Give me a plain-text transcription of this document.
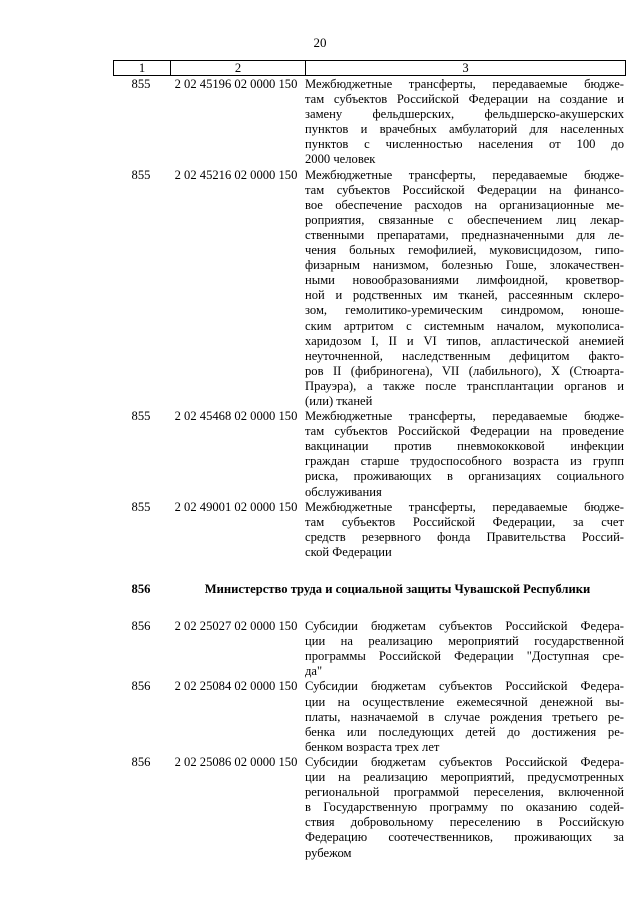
20
1	2	3
855	2 02 45196 02 0000 150 Межбюджетные трансферты, передаваемые бюдже-
там субъектов Российской Федерации на создание и
замену фельдшерских, фельдшерско-акушерских
пунктов и врачебных амбулаторий для населенных
пунктов с численностью населения от 100 до
2000 человек
855	2 02 45216 02 0000 150 Межбюджетные трансферты, передаваемые бюдже-
там субъектов Российской Федерации на финансо-
вое обеспечение расходов на организационные ме-
роприятия, связанные с обеспечением лиц лекар-
ственными препаратами, предназначенными для ле-
чения больных гемофилией, муковисцидозом, гипо-
физарным нанизмом, болезнью Гоше, злокачествен-
ными новообразованиями лимфоидной, кроветвор-
ной и родственных им тканей, рассеянным склеро-
зом, гемолитико-уремическим синдромом, юноше-
ским артритом с системным началом, мукополиса-
харидозом I, II и VI типов, апластической анемией
неуточненной, наследственным дефицитом факто-
ров II (фибриногена), VII (лабильного), X (Стюарта-
Прауэра), а также после трансплантации органов и
(или) тканей
855	2 02 45468 02 0000 150 Межбюджетные трансферты, передаваемые бюдже-
там субъектов Российской Федерации на проведение
вакцинации против пневмококковой инфекции
граждан старше трудоспособного возраста из групп
риска, проживающих в организациях социального
обслуживания
855	2 02 49001 02 0000 150 Межбюджетные трансферты, передаваемые бюдже-
там субъектов Российской Федерации, за счет
средств резервного фонда Правительства Россий-
ской Федерации
856	Министерство труда и социальной защиты Чувашской Республики
856	2 02 25027 02 0000 150 Субсидии бюджетам субъектов Российской Федера-
ции на реализацию мероприятий государственной
программы Российской Федерации "Доступная сре-
да"
856	2 02 25084 02 0000 150 Субсидии бюджетам субъектов Российской Федера-
ции на осуществление ежемесячной денежной вы-
платы, назначаемой в случае рождения третьего ре-
бенка или последующих детей до достижения ре-
бенком возраста трех лет
856	2 02 25086 02 0000 150 Субсидии бюджетам субъектов Российской Федера-
ции на реализацию мероприятий, предусмотренных
региональной программой переселения, включенной
в Государственную программу по оказанию содей-
ствия добровольному переселению в Российскую
Федерацию соотечественников, проживающих за
рубежом
